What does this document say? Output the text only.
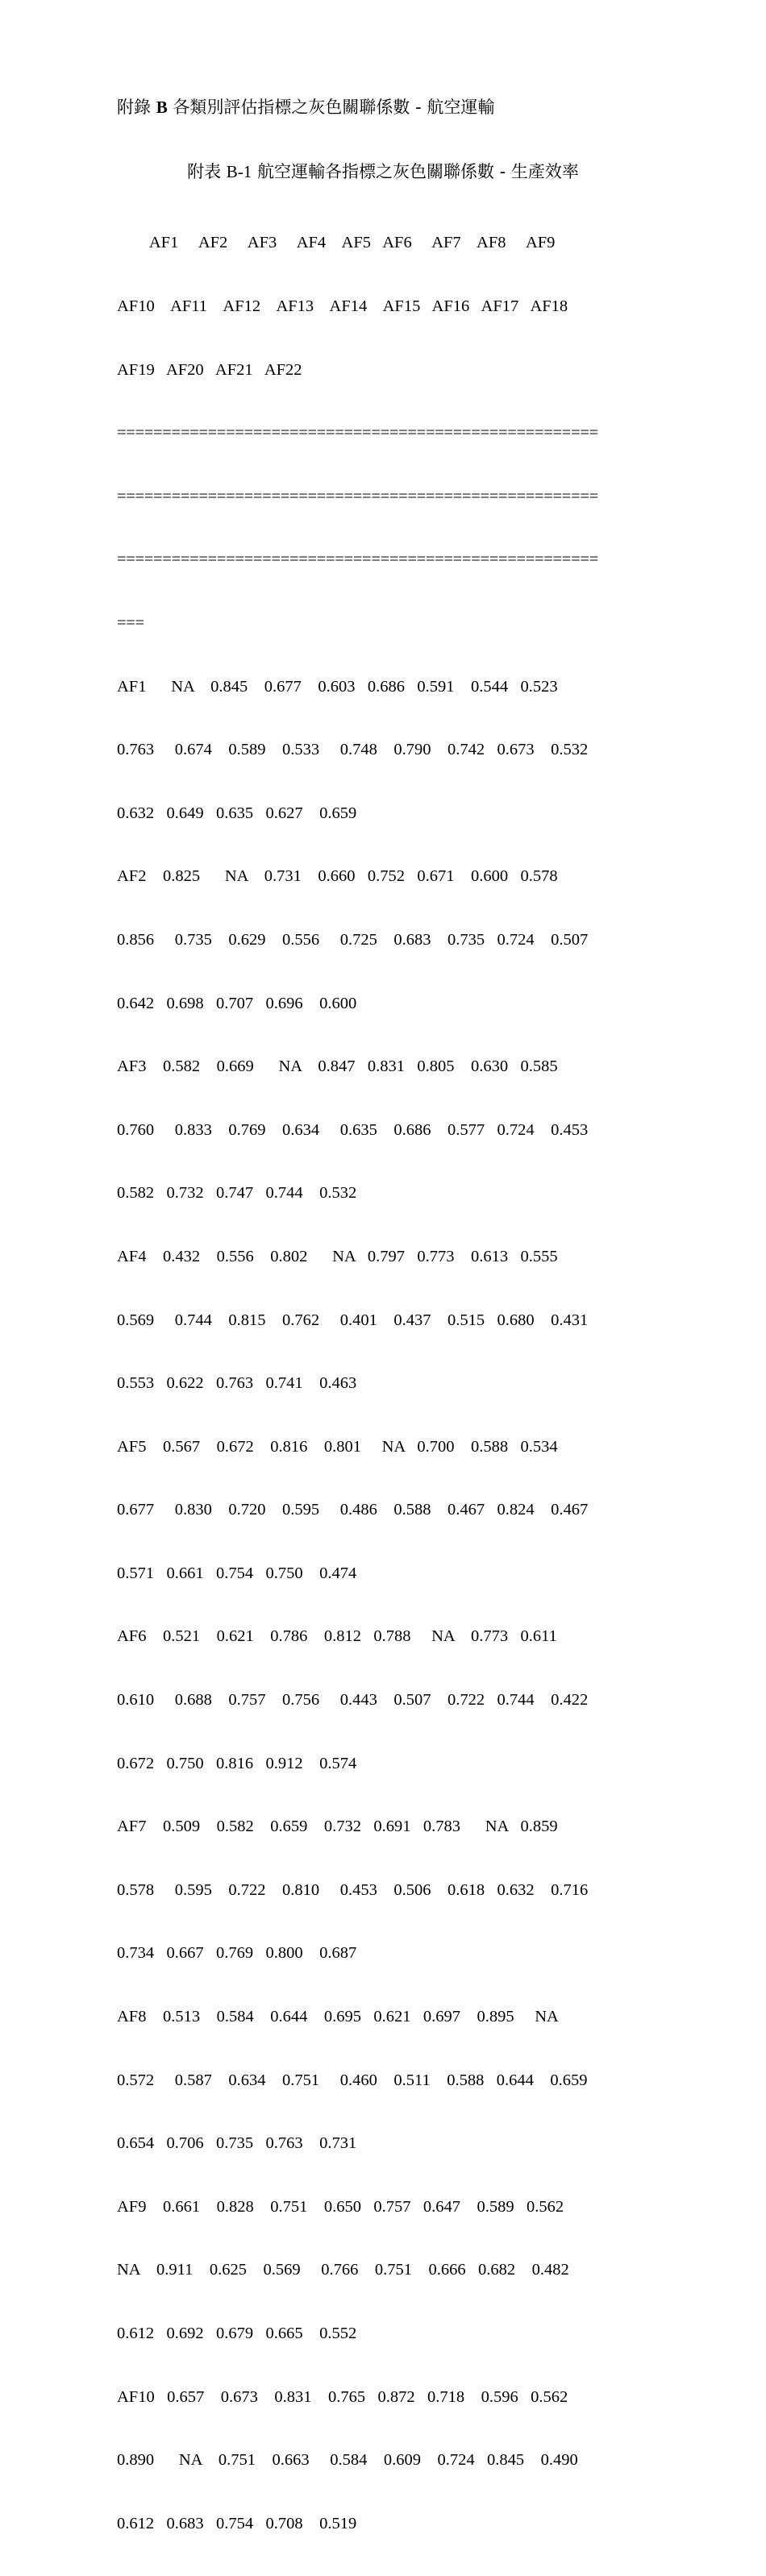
附錄 B 各類別評估指標之灰色關聯係數 - 航空運輸
附表 B-1 航空運輸各指標之灰色關聯係數 - 生產效率

AF1     AF2     AF3     AF4    AF5   AF6     AF7    AF8     AF9

AF10    AF11    AF12    AF13    AF14    AF15   AF16   AF17   AF18

AF19   AF20   AF21   AF22

=====================================================

=====================================================

=====================================================

===

AF1      NA    0.845    0.677    0.603   0.686   0.591    0.544   0.523

0.763     0.674    0.589    0.533     0.748    0.790    0.742   0.673    0.532

0.632   0.649   0.635   0.627    0.659

AF2    0.825      NA    0.731    0.660   0.752   0.671    0.600   0.578

0.856     0.735    0.629    0.556     0.725    0.683    0.735   0.724    0.507

0.642   0.698   0.707   0.696    0.600

AF3    0.582    0.669      NA    0.847   0.831   0.805    0.630   0.585

0.760     0.833    0.769    0.634     0.635    0.686    0.577   0.724    0.453

0.582   0.732   0.747   0.744    0.532

AF4    0.432    0.556    0.802      NA   0.797   0.773    0.613   0.555

0.569     0.744    0.815    0.762     0.401    0.437    0.515   0.680    0.431

0.553   0.622   0.763   0.741    0.463

AF5    0.567    0.672    0.816    0.801     NA   0.700    0.588   0.534

0.677     0.830    0.720    0.595     0.486    0.588    0.467   0.824    0.467

0.571   0.661   0.754   0.750    0.474

AF6    0.521    0.621    0.786    0.812   0.788     NA    0.773   0.611

0.610     0.688    0.757    0.756     0.443    0.507    0.722   0.744    0.422

0.672   0.750   0.816   0.912    0.574

AF7    0.509    0.582    0.659    0.732   0.691   0.783      NA   0.859

0.578     0.595    0.722    0.810     0.453    0.506    0.618   0.632    0.716

0.734   0.667   0.769   0.800    0.687

AF8    0.513    0.584    0.644    0.695   0.621   0.697    0.895     NA

0.572     0.587    0.634    0.751     0.460    0.511    0.588   0.644    0.659

0.654   0.706   0.735   0.763    0.731

AF9    0.661    0.828    0.751    0.650   0.757   0.647    0.589   0.562

NA    0.911    0.625    0.569     0.766    0.751    0.666   0.682    0.482

0.612   0.692   0.679   0.665    0.552

AF10   0.657    0.673    0.831    0.765   0.872   0.718    0.596   0.562

0.890      NA    0.751    0.663     0.584    0.609    0.724   0.845    0.490

0.612   0.683   0.754   0.708    0.519
